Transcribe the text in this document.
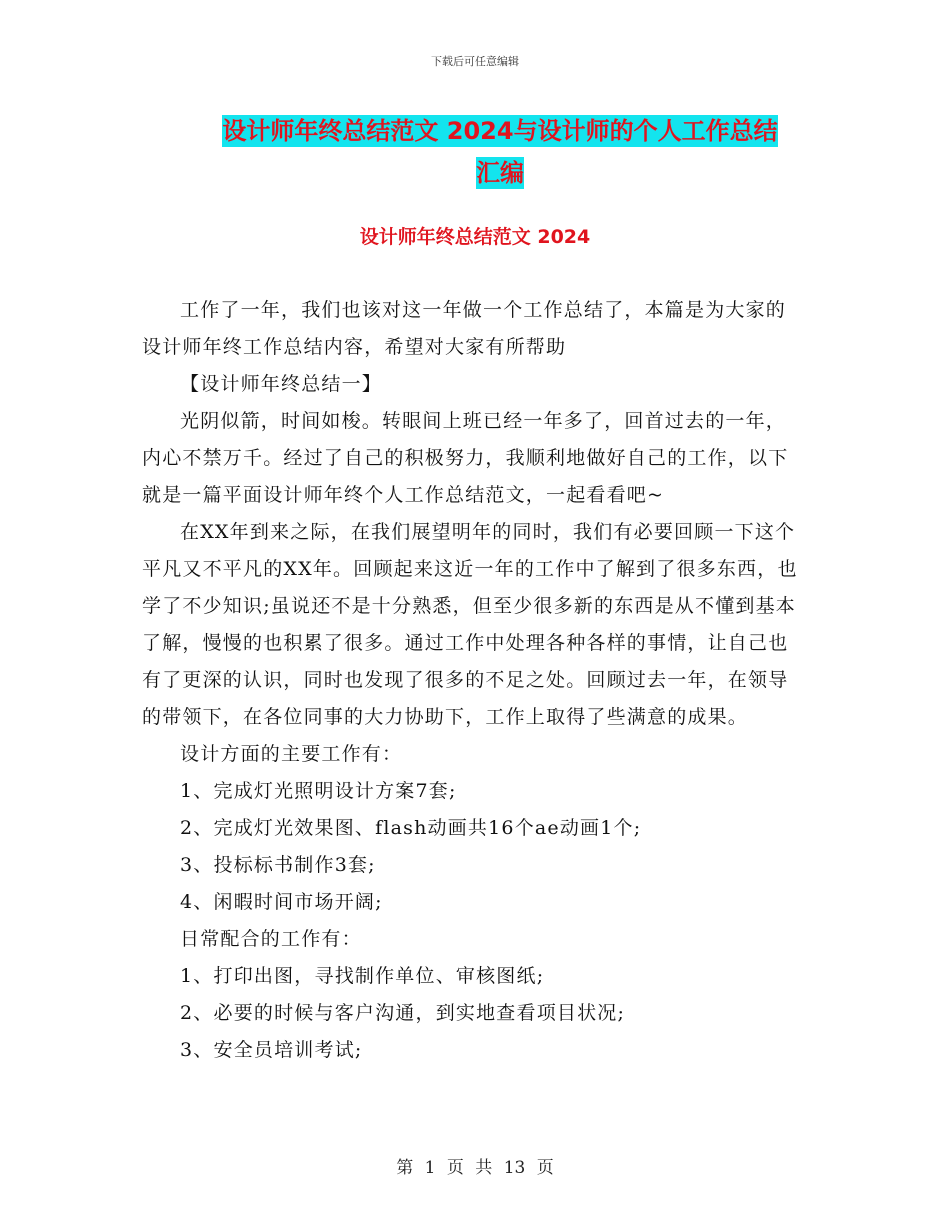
下载后可任意编辑
设计师年终总结范文 2024与设计师的个人工作总结
汇编
设计师年终总结范文 2024

工作了一年，我们也该对这一年做一个工作总结了，本篇是为大家的设计师年终工作总结内容，希望对大家有所帮助

【设计师年终总结一】

光阴似箭，时间如梭。转眼间上班已经一年多了，回首过去的一年，内心不禁万千。经过了自己的积极努力，我顺利地做好自己的工作，以下就是一篇平面设计师年终个人工作总结范文，一起看看吧~

在XX年到来之际，在我们展望明年的同时，我们有必要回顾一下这个平凡又不平凡的XX年。回顾起来这近一年的工作中了解到了很多东西，也学了不少知识;虽说还不是十分熟悉，但至少很多新的东西是从不懂到基本了解，慢慢的也积累了很多。通过工作中处理各种各样的事情，让自己也有了更深的认识，同时也发现了很多的不足之处。回顾过去一年，在领导的带领下，在各位同事的大力协助下，工作上取得了些满意的成果。

设计方面的主要工作有：

1、完成灯光照明设计方案7套;

2、完成灯光效果图、flash动画共16个ae动画1个;

3、投标标书制作3套;

4、闲暇时间市场开阔;

日常配合的工作有：

1、打印出图，寻找制作单位、审核图纸;

2、必要的时候与客户沟通，到实地查看项目状况;

3、安全员培训考试;

第 1 页 共 13 页
